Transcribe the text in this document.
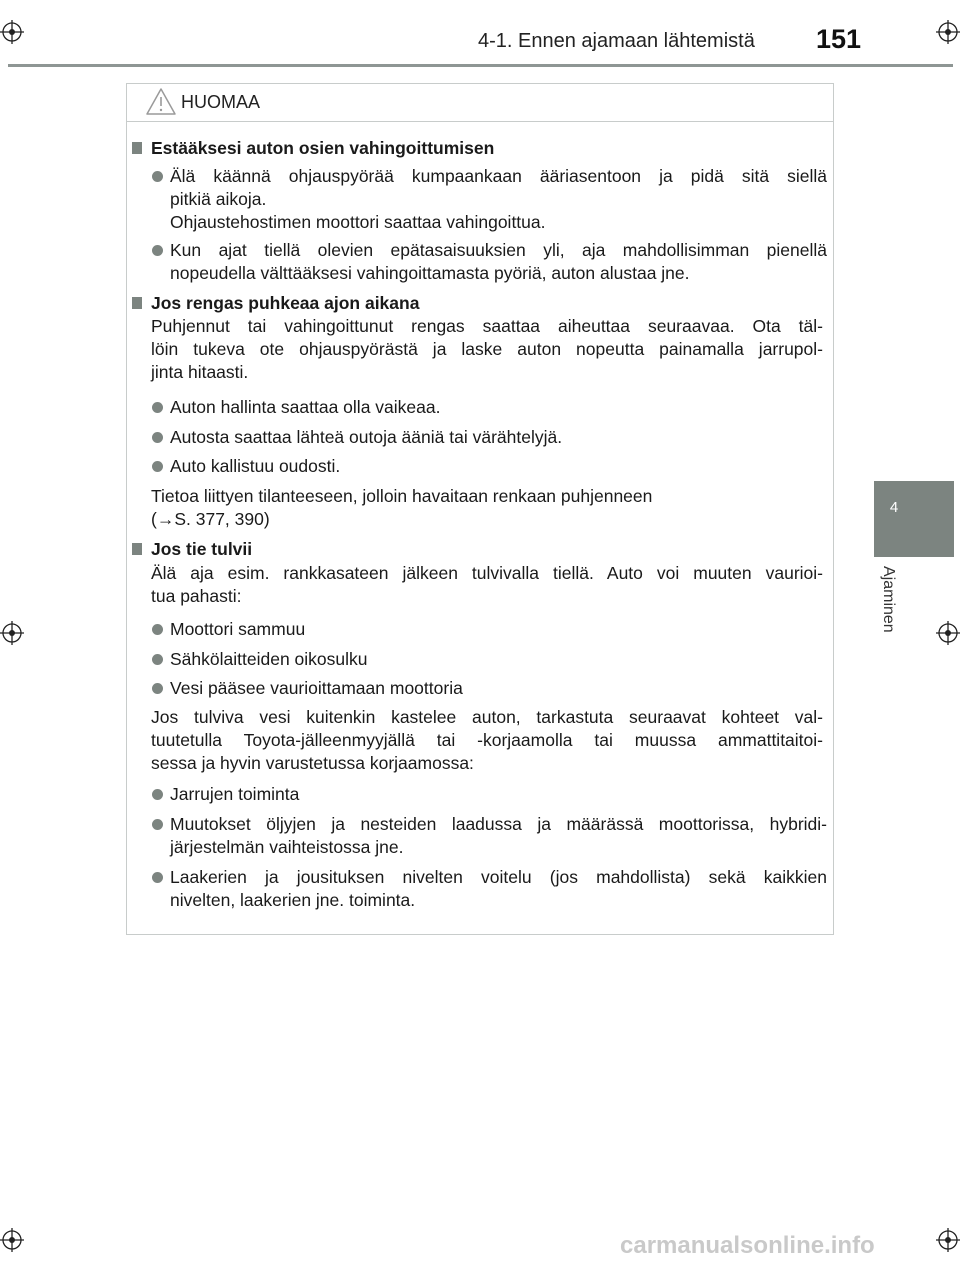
4-1. Ennen ajamaan lähtemistä 151
4
Ajaminen
HUOMAA
Estääksesi auton osien vahingoittumisen
Älä käännä ohjauspyörää kumpaankaan ääriasentoon ja pidä sitä siellä
pitkiä aikoja.
Ohjaustehostimen moottori saattaa vahingoittua.
Kun ajat tiellä olevien epätasaisuuksien yli, aja mahdollisimman pienellä
nopeudella välttääksesi vahingoittamasta pyöriä, auton alustaa jne.
Jos rengas puhkeaa ajon aikana
Puhjennut tai vahingoittunut rengas saattaa aiheuttaa seuraavaa. Ota täl-
löin tukeva ote ohjauspyörästä ja laske auton nopeutta painamalla jarrupol-
jinta hitaasti.
Auton hallinta saattaa olla vaikeaa.
Autosta saattaa lähteä outoja ääniä tai värähtelyjä.
Auto kallistuu oudosti.
Tietoa liittyen tilanteeseen, jolloin havaitaan renkaan puhjenneen
(→S. 377, 390)
Jos tie tulvii
Älä aja esim. rankkasateen jälkeen tulvivalla tiellä. Auto voi muuten vaurioi-
tua pahasti:
Moottori sammuu
Sähkölaitteiden oikosulku
Vesi pääsee vaurioittamaan moottoria
Jos tulviva vesi kuitenkin kastelee auton, tarkastuta seuraavat kohteet val-
tuutetulla Toyota-jälleenmyyjällä tai -korjaamolla tai muussa ammattitaitoi-
sessa ja hyvin varustetussa korjaamossa:
Jarrujen toiminta
Muutokset öljyjen ja nesteiden laadussa ja määrässä moottorissa, hybridi-
järjestelmän vaihteistossa jne.
Laakerien ja jousituksen nivelten voitelu (jos mahdollista) sekä kaikkien
nivelten, laakerien jne. toiminta.
carmanualsonline.info
